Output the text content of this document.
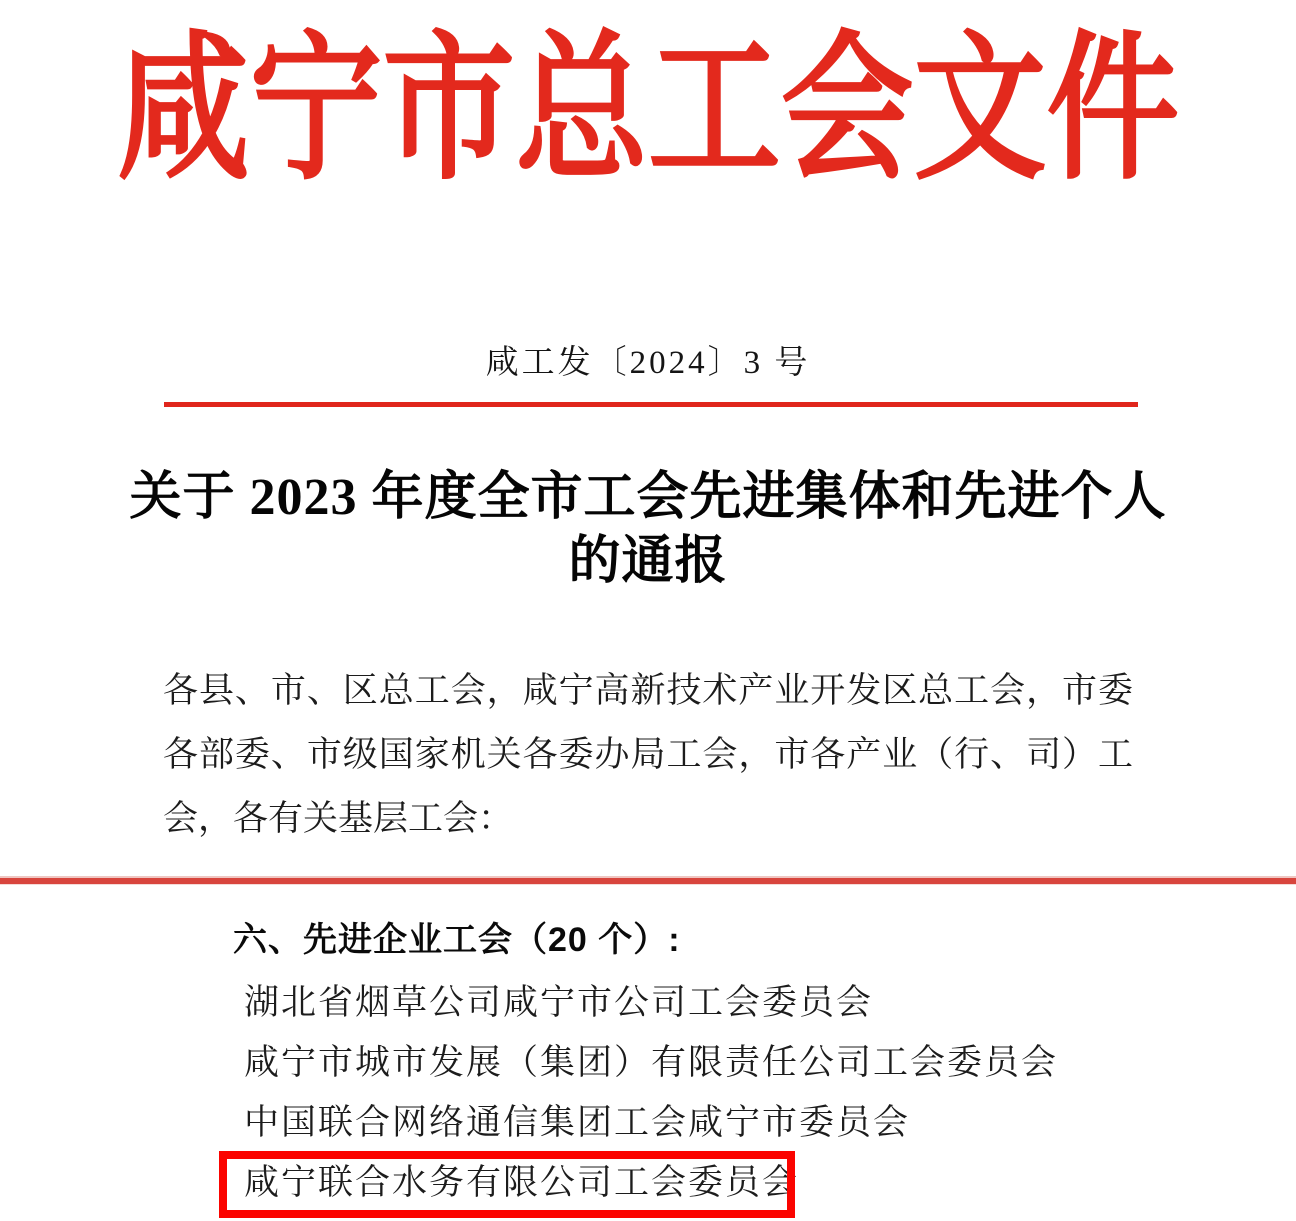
咸宁市总工会文件
咸工发〔2024〕3 号
关于 2023 年度全市工会先进集体和先进个人
的通报
各县、市、区总工会，咸宁高新技术产业开发区总工会，市委
各部委、市级国家机关各委办局工会，市各产业（行、司）工
会，各有关基层工会：
六、先进企业工会（20 个）:
湖北省烟草公司咸宁市公司工会委员会
咸宁市城市发展（集团）有限责任公司工会委员会
中国联合网络通信集团工会咸宁市委员会
咸宁联合水务有限公司工会委员会
